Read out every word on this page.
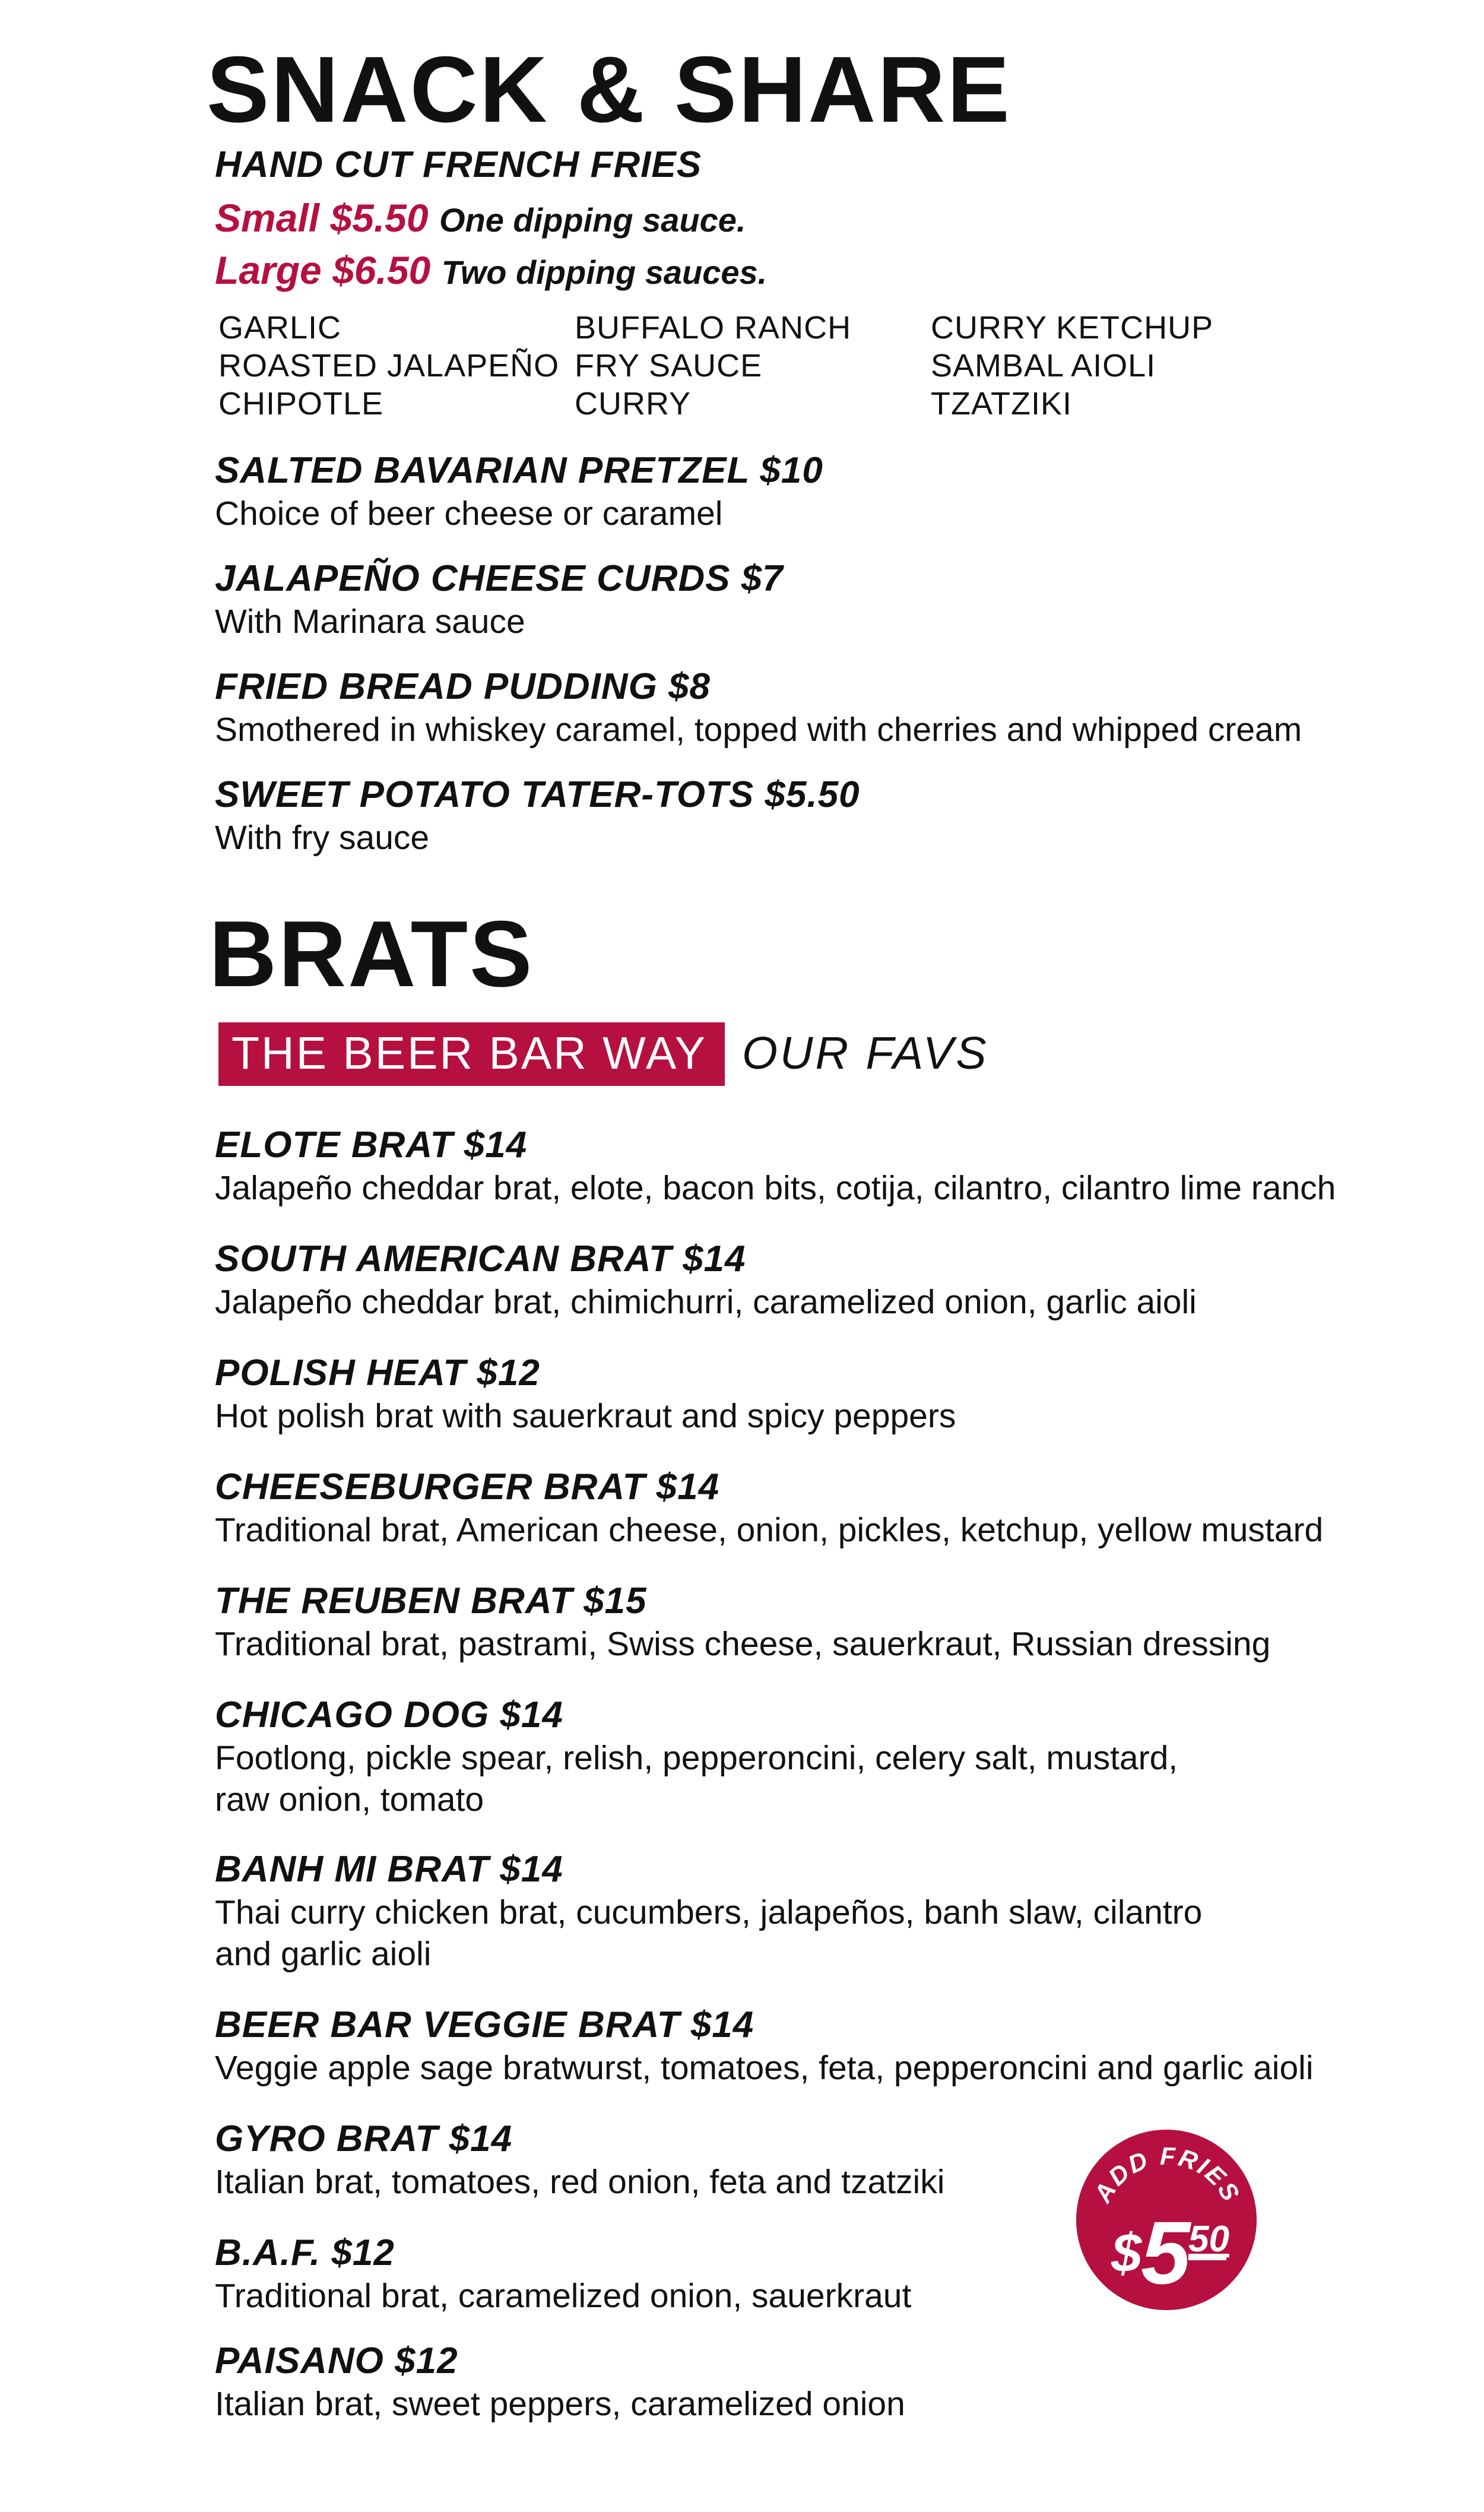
SNACK & SHARE
HAND CUT FRENCH FRIES
Small $5.50 One dipping sauce.
Large $6.50 Two dipping sauces.
GARLIC
ROASTED JALAPEÑO
CHIPOTLE
BUFFALO RANCH
FRY SAUCE
CURRY
CURRY KETCHUP
SAMBAL AIOLI
TZATZIKI
SALTED BAVARIAN PRETZEL $10
Choice of beer cheese or caramel
JALAPEÑO CHEESE CURDS $7
With Marinara sauce
FRIED BREAD PUDDING $8
Smothered in whiskey caramel, topped with cherries and whipped cream
SWEET POTATO TATER-TOTS $5.50
With fry sauce
BRATS
THE BEER BAR WAY OUR FAVS
ELOTE BRAT $14
Jalapeño cheddar brat, elote, bacon bits, cotija, cilantro, cilantro lime ranch
SOUTH AMERICAN BRAT $14
Jalapeño cheddar brat, chimichurri, caramelized onion, garlic aioli
POLISH HEAT $12
Hot polish brat with sauerkraut and spicy peppers
CHEESEBURGER BRAT $14
Traditional brat, American cheese, onion, pickles, ketchup, yellow mustard
THE REUBEN BRAT $15
Traditional brat, pastrami, Swiss cheese, sauerkraut, Russian dressing
CHICAGO DOG $14
Footlong, pickle spear, relish, pepperoncini, celery salt, mustard,
raw onion, tomato
BANH MI BRAT $14
Thai curry chicken brat, cucumbers, jalapeños, banh slaw, cilantro
and garlic aioli
BEER BAR VEGGIE BRAT $14
Veggie apple sage bratwurst, tomatoes, feta, pepperoncini and garlic aioli
GYRO BRAT $14
Italian brat, tomatoes, red onion, feta and tzatziki
B.A.F. $12
Traditional brat, caramelized onion, sauerkraut
PAISANO $12
Italian brat, sweet peppers, caramelized onion
ADD FRIES
$
5
50
